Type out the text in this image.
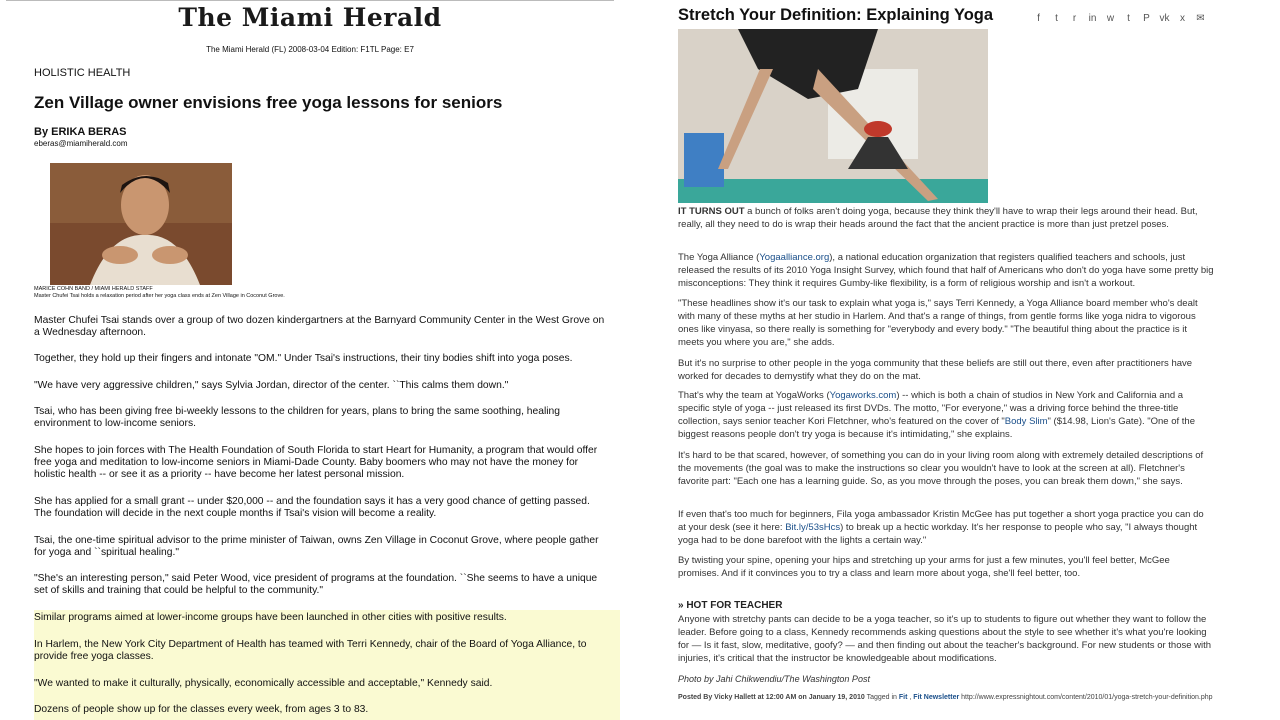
The Miami Herald
The Miami Herald (FL) 2008-03-04 Edition: F1TL Page: E7
HOLISTIC HEALTH
Zen Village owner envisions free yoga lessons for seniors
By ERIKA BERAS
eberas@miamiherald.com
MARICE COHN BAND / MIAMI HERALD STAFF
Master Chufei Tsai holds a relaxation period after her yoga class ends at Zen Village in Coconut Grove.
Master Chufei Tsai stands over a group of two dozen kindergartners at the Barnyard Community Center in the West Grove on a Wednesday afternoon.
Together, they hold up their fingers and intonate "OM." Under Tsai's instructions, their tiny bodies shift into yoga poses.
"We have very aggressive children," says Sylvia Jordan, director of the center. ``This calms them down."
Tsai, who has been giving free bi-weekly lessons to the children for years, plans to bring the same soothing, healing environment to low-income seniors.
She hopes to join forces with The Health Foundation of South Florida to start Heart for Humanity, a program that would offer free yoga and meditation to low-income seniors in Miami-Dade County. Baby boomers who may not have the money for holistic health -- or see it as a priority -- have become her latest personal mission.
She has applied for a small grant -- under $20,000 -- and the foundation says it has a very good chance of getting passed. The foundation will decide in the next couple months if Tsai's vision will become a reality.
Tsai, the one-time spiritual advisor to the prime minister of Taiwan, owns Zen Village in Coconut Grove, where people gather for yoga and ``spiritual healing."
"She's an interesting person," said Peter Wood, vice president of programs at the foundation. ``She seems to have a unique set of skills and training that could be helpful to the community."
Similar programs aimed at lower-income groups have been launched in other cities with positive results.
In Harlem, the New York City Department of Health has teamed with Terri Kennedy, chair of the Board of Yoga Alliance, to provide free yoga classes.
"We wanted to make it culturally, physically, economically accessible and acceptable," Kennedy said.
Dozens of people show up for the classes every week, from ages 3 to 83.
Stretch Your Definition: Explaining Yoga	f	t	r	in w	t	P vk	x	✉
IT TURNS OUT a bunch of folks aren't doing yoga, because they think they'll have to wrap their legs around their head. But, really, all they need to do is wrap their heads around the fact that the ancient practice is more than just pretzel poses.
The Yoga Alliance (Yogaalliance.org), a national education organization that registers qualified teachers and schools, just released the results of its 2010 Yoga Insight Survey, which found that half of Americans who don't do yoga have some pretty big misconceptions: They think it requires Gumby-like flexibility, is a form of religious worship and isn't a workout.
"These headlines show it's our task to explain what yoga is," says Terri Kennedy, a Yoga Alliance board member who's dealt with many of these myths at her studio in Harlem. And that's a range of things, from gentle forms like yoga nidra to vigorous ones like vinyasa, so there really is something for "everybody and every body." "The beautiful thing about the practice is it meets you where you are," she adds.
But it's no surprise to other people in the yoga community that these beliefs are still out there, even after practitioners have worked for decades to demystify what they do on the mat.
That's why the team at YogaWorks (Yogaworks.com) -- which is both a chain of studios in New York and California and a specific style of yoga -- just released its first DVDs. The motto, "For everyone," was a driving force behind the three-title collection, says senior teacher Kori Fletchner, who's featured on the cover of "Body Slim" ($14.98, Lion's Gate). "One of the biggest reasons people don't try yoga is because it's intimidating," she explains.
It's hard to be that scared, however, of something you can do in your living room along with extremely detailed descriptions of the movements (the goal was to make the instructions so clear you wouldn't have to look at the screen at all). Fletchner's favorite part: "Each one has a learning guide. So, as you move through the poses, you can break them down," she says.
If even that's too much for beginners, Fila yoga ambassador Kristin McGee has put together a short yoga practice you can do at your desk (see it here: Bit.ly/53sHcs) to break up a hectic workday. It's her response to people who say, "I always thought yoga had to be done barefoot with the lights a certain way."
By twisting your spine, opening your hips and stretching up your arms for just a few minutes, you'll feel better, McGee promises. And if it convinces you to try a class and learn more about yoga, she'll feel better, too.
» HOT FOR TEACHER
Anyone with stretchy pants can decide to be a yoga teacher, so it's up to students to figure out whether they want to follow the leader. Before going to a class, Kennedy recommends asking questions about the style to see whether it's what you're looking for — Is it fast, slow, meditative, goofy? — and then finding out about the teacher's background. For new students or those with injuries, it's critical that the instructor be knowledgeable about modifications.
Photo by Jahi Chikwendiu/The Washington Post
Posted By Vicky Hallett at 12:00 AM on January 19, 2010 Tagged in Fit , Fit Newsletter http://www.expressnightout.com/content/2010/01/yoga-stretch-your-definition.php
